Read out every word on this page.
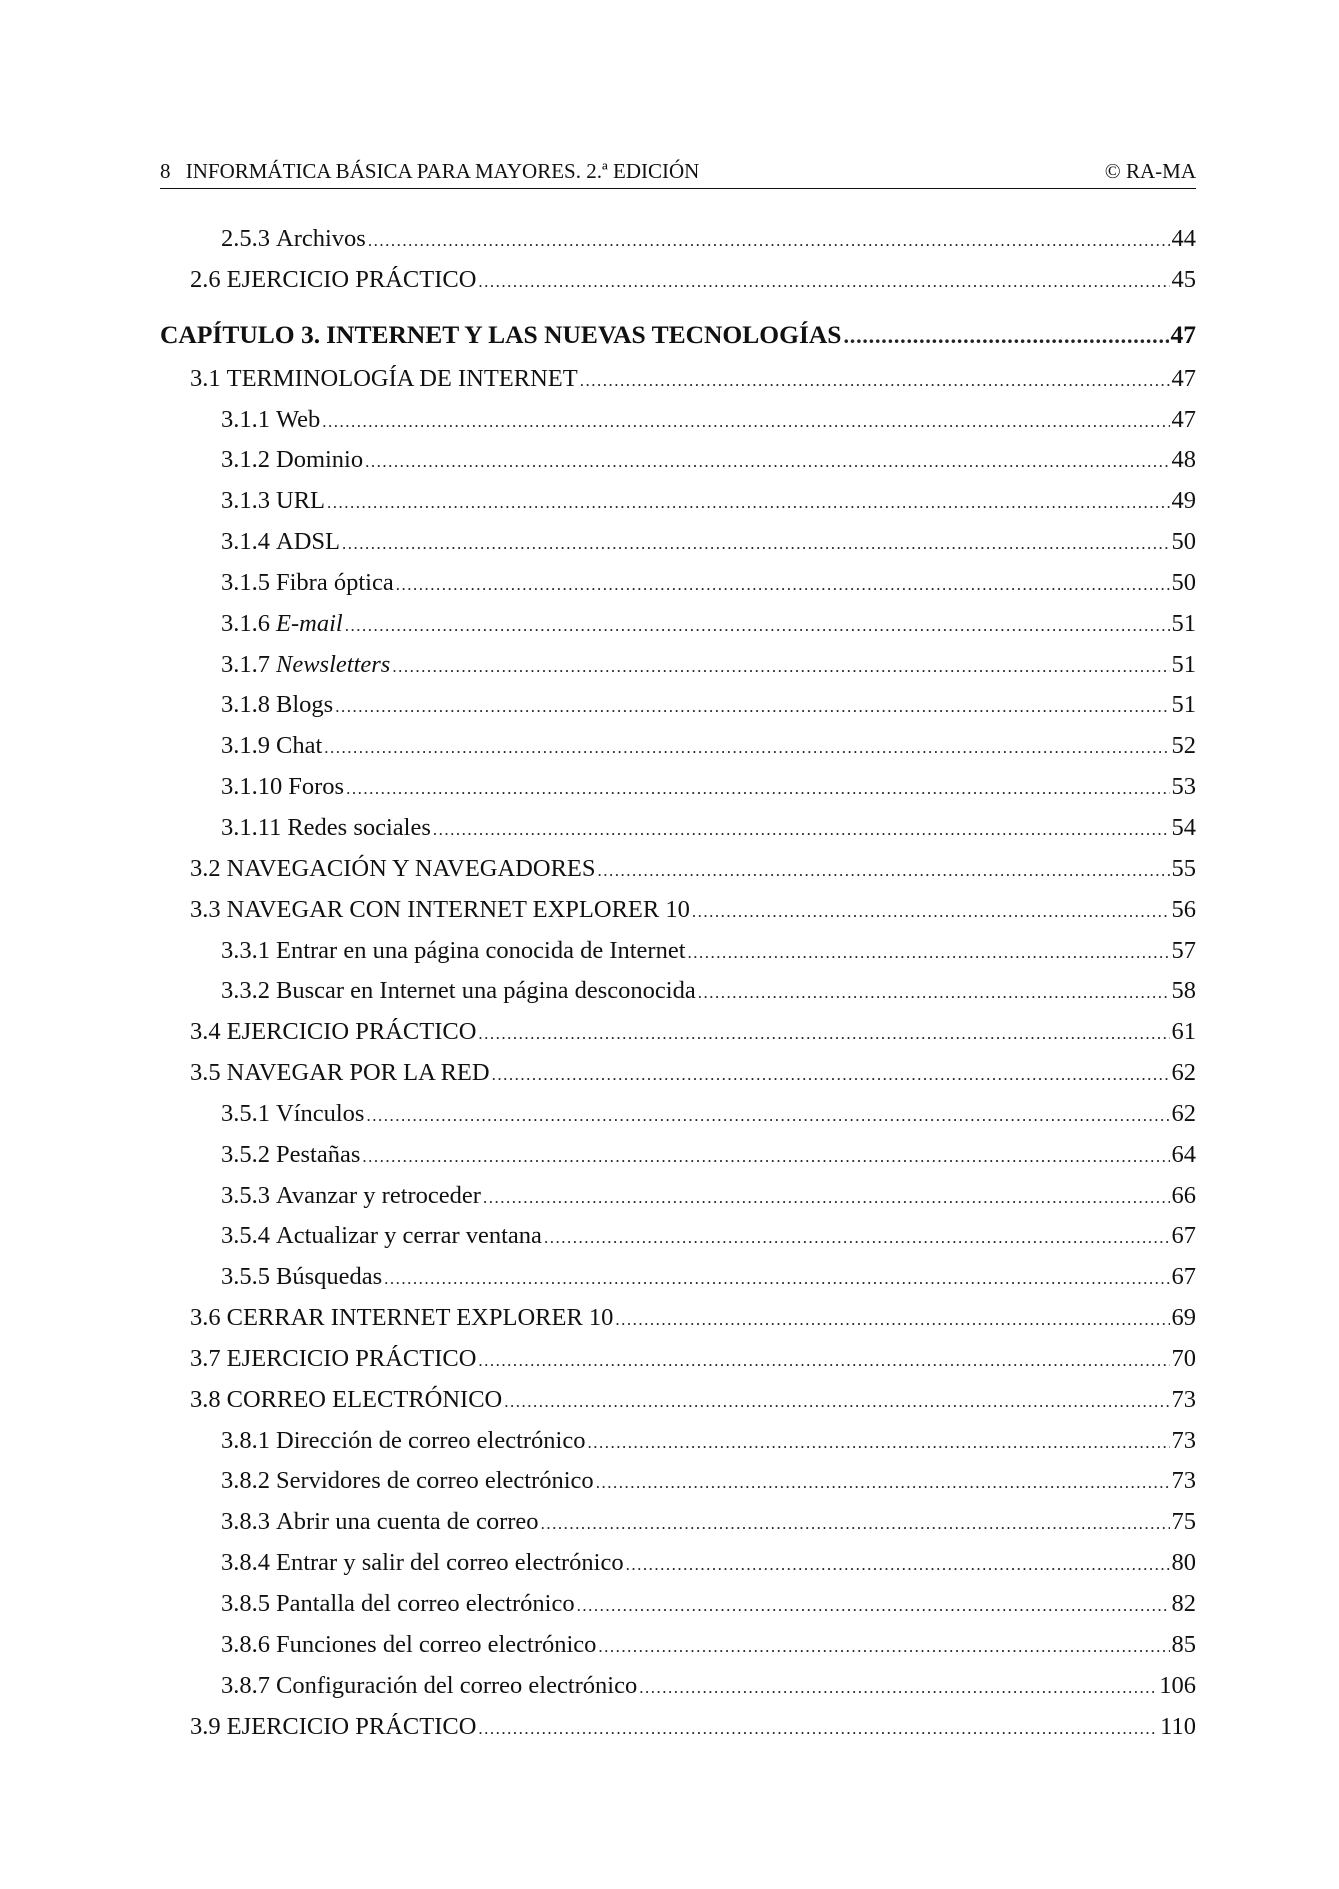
8 INFORMÁTICA BÁSICA PARA MAYORES. 2.ª EDICIÓN	© RA-MA
2.5.3 Archivos .....	44
2.6 EJERCICIO PRÁCTICO .....	45
CAPÍTULO 3. INTERNET Y LAS NUEVAS TECNOLOGÍAS .....	47
3.1 TERMINOLOGÍA DE INTERNET .....	47
3.1.1 Web .....	47
3.1.2 Dominio .....	48
3.1.3 URL .....	49
3.1.4 ADSL .....	50
3.1.5 Fibra óptica .....	50
3.1.6 E-mail .....	51
3.1.7 Newsletters .....	51
3.1.8 Blogs .....	51
3.1.9 Chat .....	52
3.1.10 Foros .....	53
3.1.11 Redes sociales .....	54
3.2 NAVEGACIÓN Y NAVEGADORES .....	55
3.3 NAVEGAR CON INTERNET EXPLORER 10 .....	56
3.3.1 Entrar en una página conocida de Internet .....	57
3.3.2 Buscar en Internet una página desconocida .....	58
3.4 EJERCICIO PRÁCTICO .....	61
3.5 NAVEGAR POR LA RED .....	62
3.5.1 Vínculos .....	62
3.5.2 Pestañas .....	64
3.5.3 Avanzar y retroceder .....	66
3.5.4 Actualizar y cerrar ventana .....	67
3.5.5 Búsquedas .....	67
3.6 CERRAR INTERNET EXPLORER 10 .....	69
3.7 EJERCICIO PRÁCTICO .....	70
3.8 CORREO ELECTRÓNICO .....	73
3.8.1 Dirección de correo electrónico .....	73
3.8.2 Servidores de correo electrónico .....	73
3.8.3 Abrir una cuenta de correo .....	75
3.8.4 Entrar y salir del correo electrónico .....	80
3.8.5 Pantalla del correo electrónico .....	82
3.8.6 Funciones del correo electrónico .....	85
3.8.7 Configuración del correo electrónico .....	106
3.9 EJERCICIO PRÁCTICO .....	110
